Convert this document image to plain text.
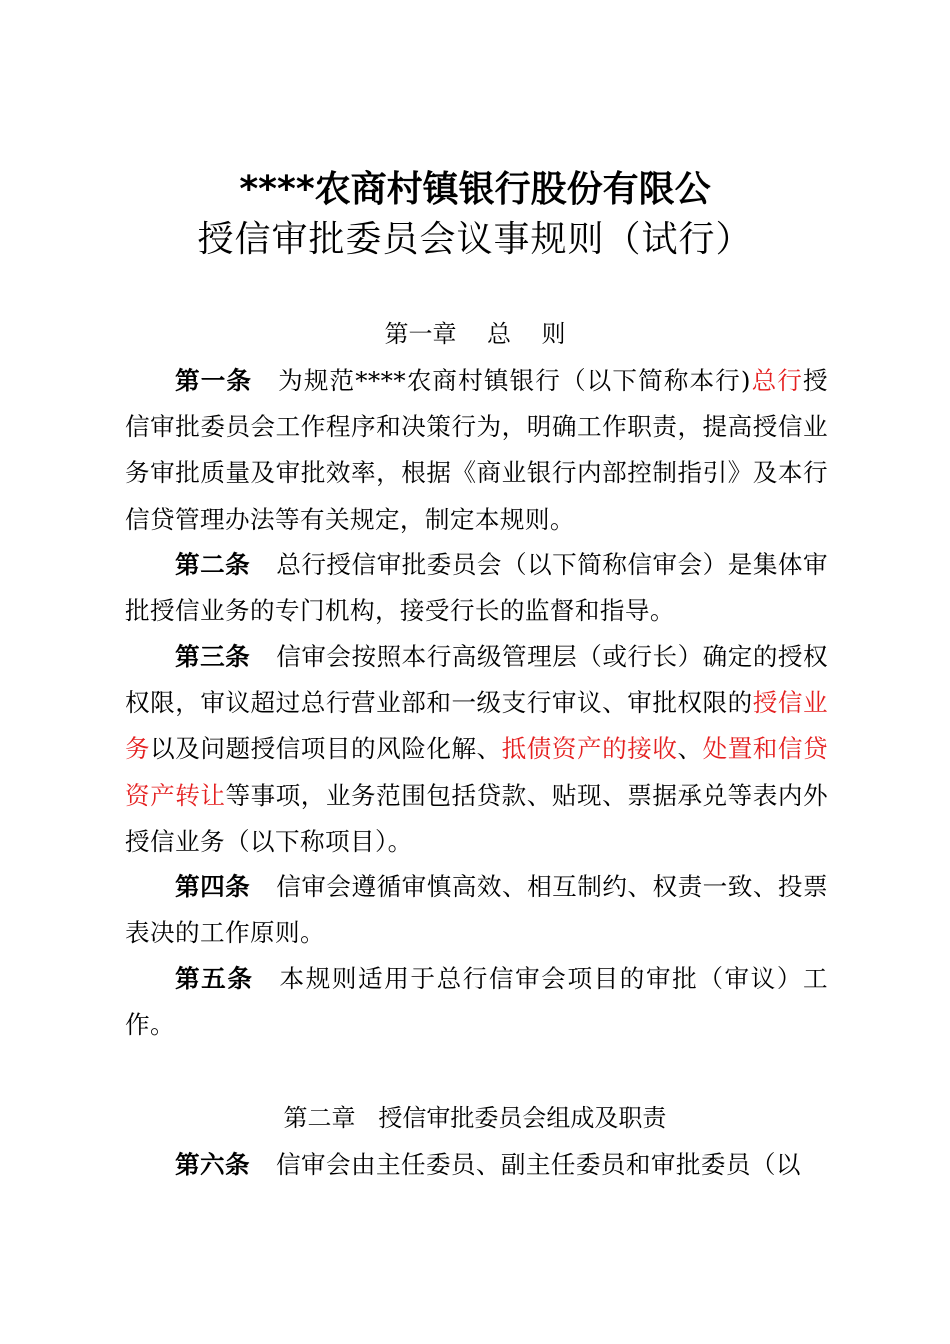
****农商村镇银行股份有限公
授信审批委员会议事规则（试行）
第一章    总    则
第一条 为规范****农商村镇银行（以下简称本行)总行授信审批委员会工作程序和决策行为，明确工作职责，提高授信业务审批质量及审批效率，根据《商业银行内部控制指引》及本行信贷管理办法等有关规定，制定本规则。
第二条 总行授信审批委员会（以下简称信审会）是集体审批授信业务的专门机构，接受行长的监督和指导。
第三条 信审会按照本行高级管理层（或行长）确定的授权权限，审议超过总行营业部和一级支行审议、审批权限的授信业务以及问题授信项目的风险化解、抵债资产的接收、处置和信贷资产转让等事项，业务范围包括贷款、贴现、票据承兑等表内外授信业务（以下称项目）。
第四条 信审会遵循审慎高效、相互制约、权责一致、投票表决的工作原则。
第五条 本规则适用于总行信审会项目的审批（审议）工作。
第二章   授信审批委员会组成及职责
第六条 信审会由主任委员、副主任委员和审批委员（以
